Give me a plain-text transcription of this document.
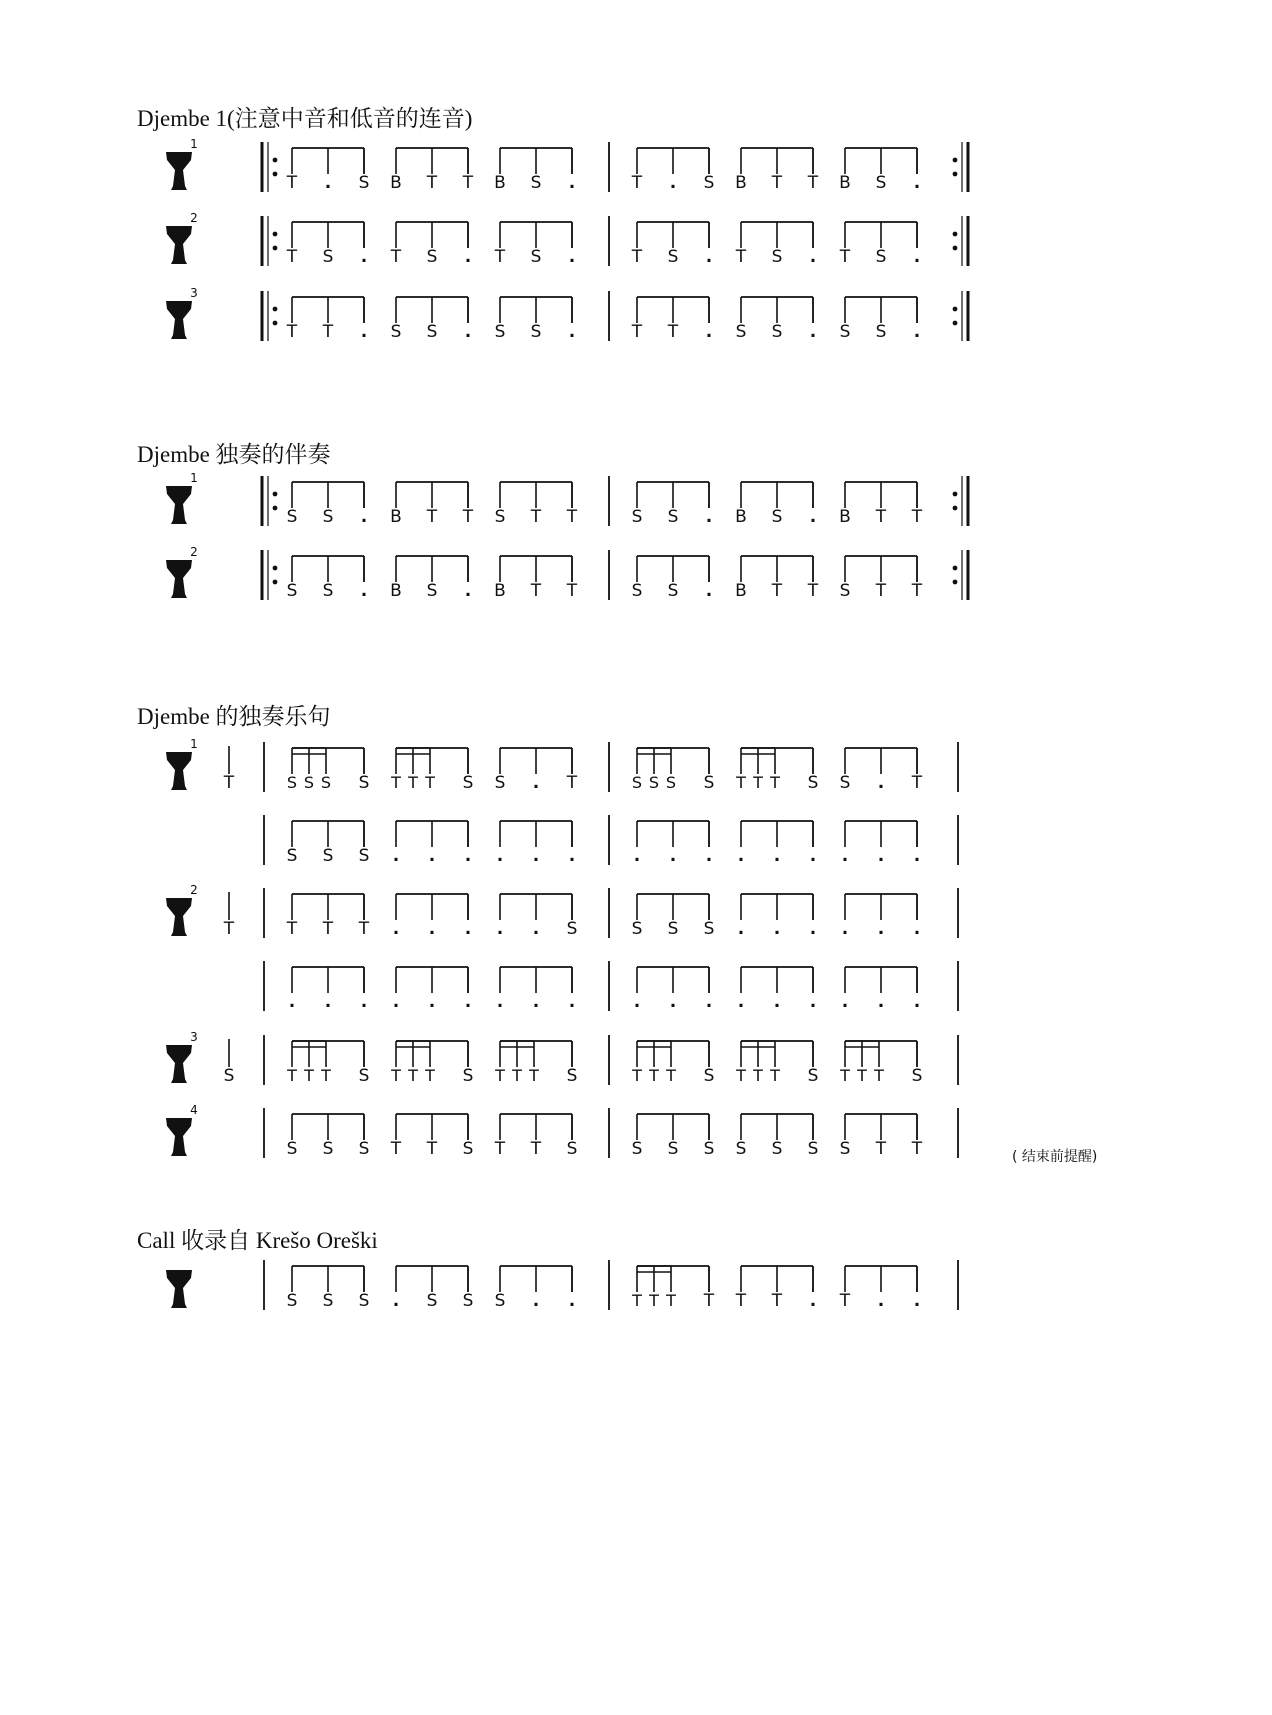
Djembe 1(注意中音和低音的连音)
Djembe 独奏的伴奏
Djembe 的独奏乐句
Call 收录自 Krešo Oreški
( 结束前提醒)
1
T . S B T T B S .	T . S B T T B S .
2
T S . T S . T S .	T S . T S . T S .
3
T T . S S . S S .	T T . S S . S S .
1
S S . B T T S T T	S S . B S . B T T
2
S S . B S . B T T	S S . B T T S T T
1
T	S S S S T T T S S . T	S S S S T T T S S . T
S S S . . . . . .	. . . . . . . . .
2
T	T T T . . . . . S	S S S . . . . . .
. . . . . . . . .	. . . . . . . . .
3
S	T T T S T T T S T T T S	T T T S T T T S T T T S
4
S S S T T S T T S	S S S S S S S T T
S S S . S S S . .	T T T T T T . T . .
